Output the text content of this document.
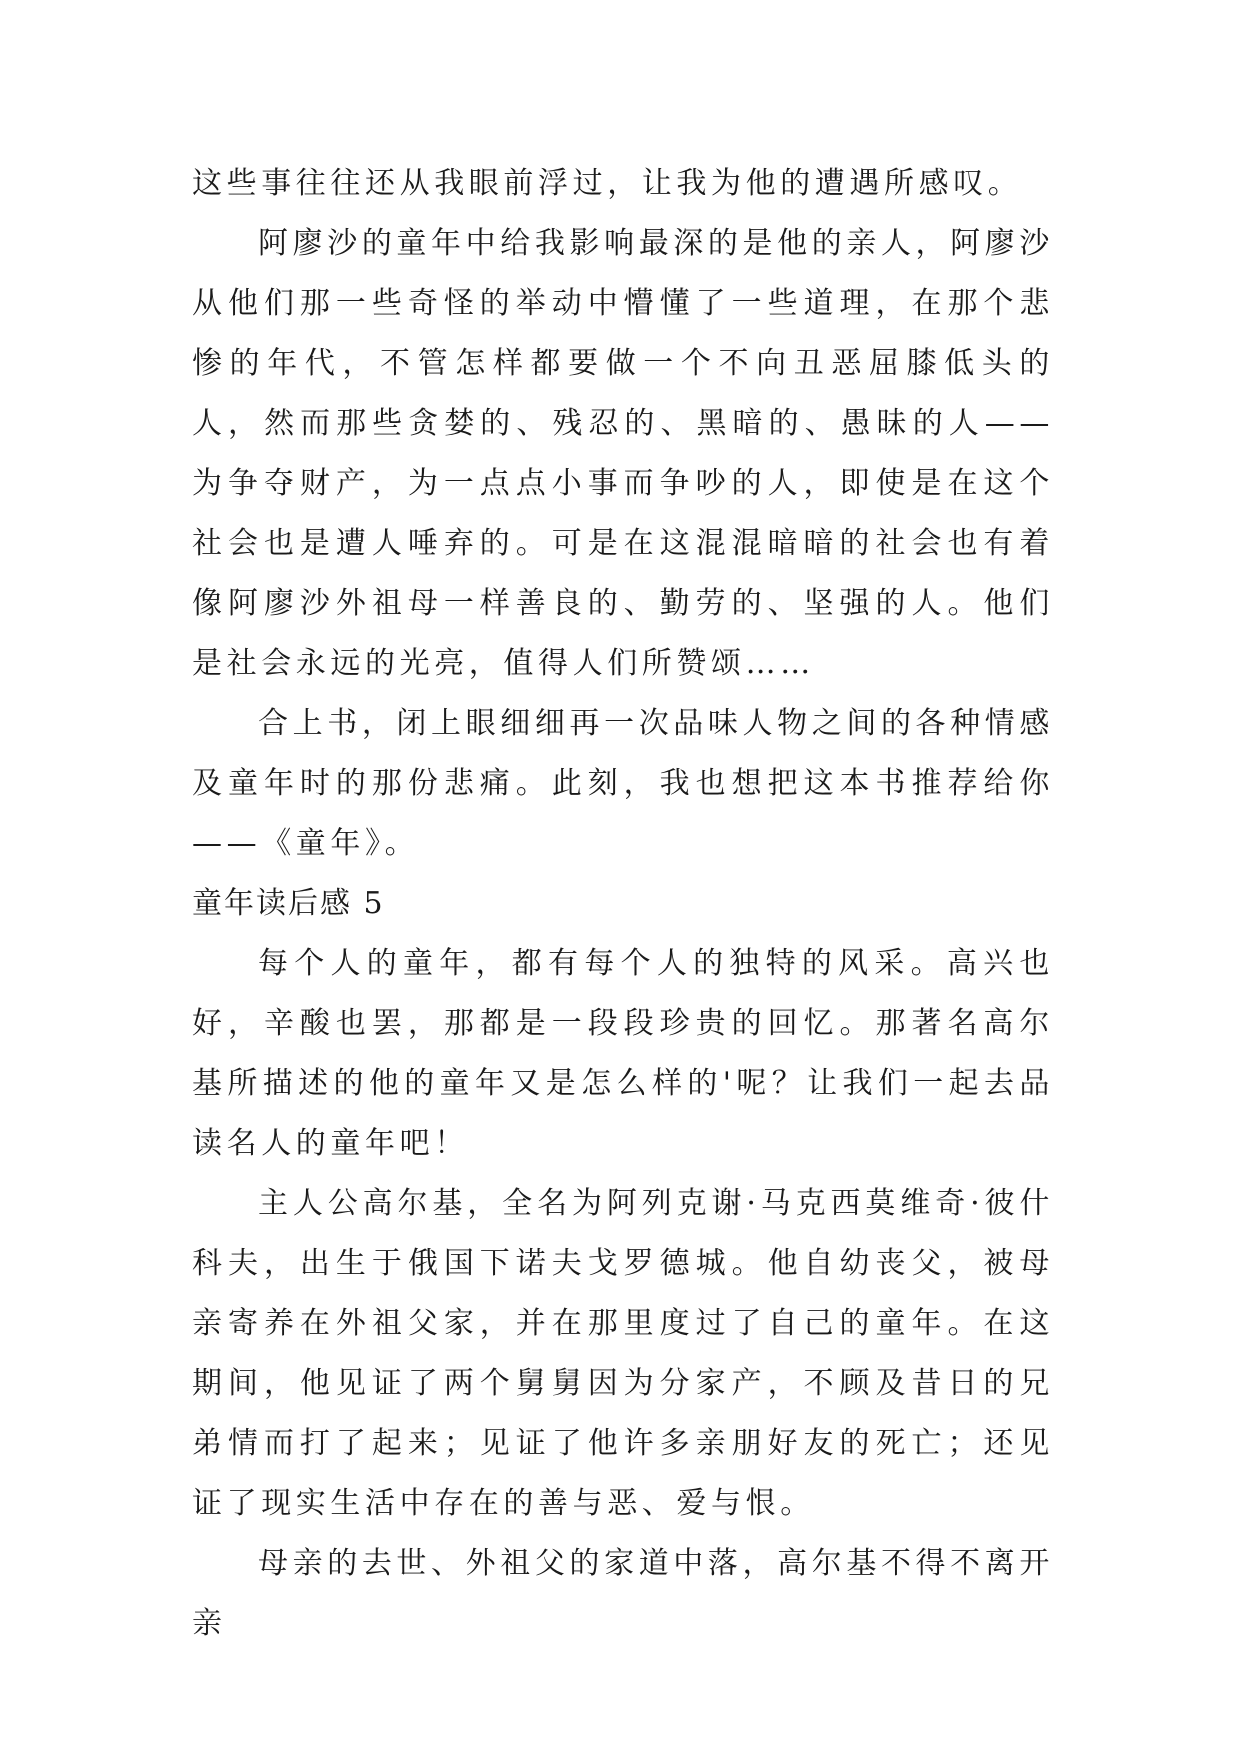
这些事往往还从我眼前浮过，让我为他的遭遇所感叹。

阿廖沙的童年中给我影响最深的是他的亲人，阿廖沙从他们那一些奇怪的举动中懵懂了一些道理，在那个悲惨的年代，不管怎样都要做一个不向丑恶屈膝低头的人，然而那些贪婪的、残忍的、黑暗的、愚昧的人——为争夺财产，为一点点小事而争吵的人，即使是在这个社会也是遭人唾弃的。可是在这混混暗暗的社会也有着像阿廖沙外祖母一样善良的、勤劳的、坚强的人。他们是社会永远的光亮，值得人们所赞颂……

合上书，闭上眼细细再一次品味人物之间的各种情感及童年时的那份悲痛。此刻，我也想把这本书推荐给你——《童年》。

童年读后感 5

每个人的童年，都有每个人的独特的风采。高兴也好，辛酸也罢，那都是一段段珍贵的回忆。那著名高尔基所描述的他的童年又是怎么样的'呢？让我们一起去品读名人的童年吧！

主人公高尔基，全名为阿列克谢·马克西莫维奇·彼什科夫，出生于俄国下诺夫戈罗德城。他自幼丧父，被母亲寄养在外祖父家，并在那里度过了自己的童年。在这期间，他见证了两个舅舅因为分家产，不顾及昔日的兄弟情而打了起来；见证了他许多亲朋好友的死亡；还见证了现实生活中存在的善与恶、爱与恨。

母亲的去世、外祖父的家道中落，高尔基不得不离开亲
